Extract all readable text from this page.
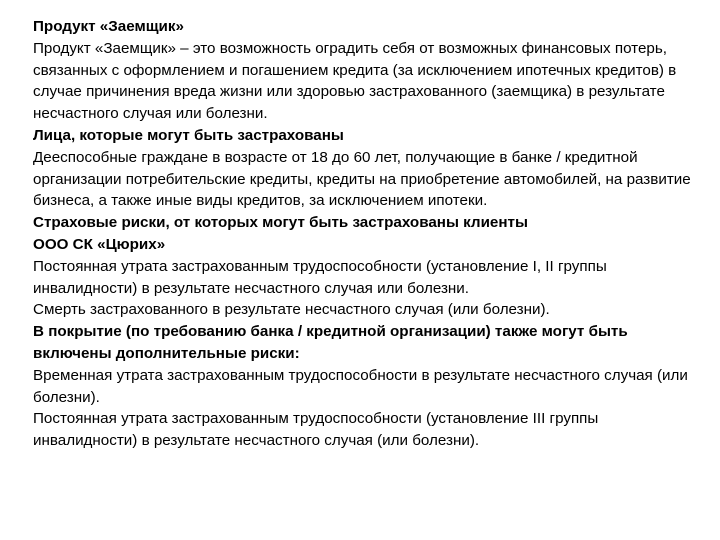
Продукт «Заемщик»

Продукт «Заемщик» – это возможность оградить себя от возможных финансовых потерь, связанных с оформлением и погашением кредита (за исключением ипотечных кредитов) в случае причинения вреда жизни или здоровью застрахованного (заемщика) в результате несчастного случая или болезни.

Лица, которые могут быть застрахованы

Дееспособные граждане в возрасте от 18 до 60 лет, получающие в банке / кредитной организации потребительские кредиты, кредиты на приобретение автомобилей, на развитие бизнеса, а также иные виды кредитов, за исключением ипотеки.

Страховые риски, от которых могут быть застрахованы клиенты

ООО СК «Цюрих»

Постоянная утрата застрахованным трудоспособности (установление I, II группы инвалидности) в результате несчастного случая или болезни.

Смерть застрахованного в результате несчастного случая (или болезни).

В покрытие (по требованию банка / кредитной организации) также могут быть включены дополнительные риски:

Временная утрата застрахованным трудоспособности в результате несчастного случая (или болезни).

Постоянная утрата застрахованным трудоспособности (установление III группы инвалидности) в результате несчастного случая (или болезни).
